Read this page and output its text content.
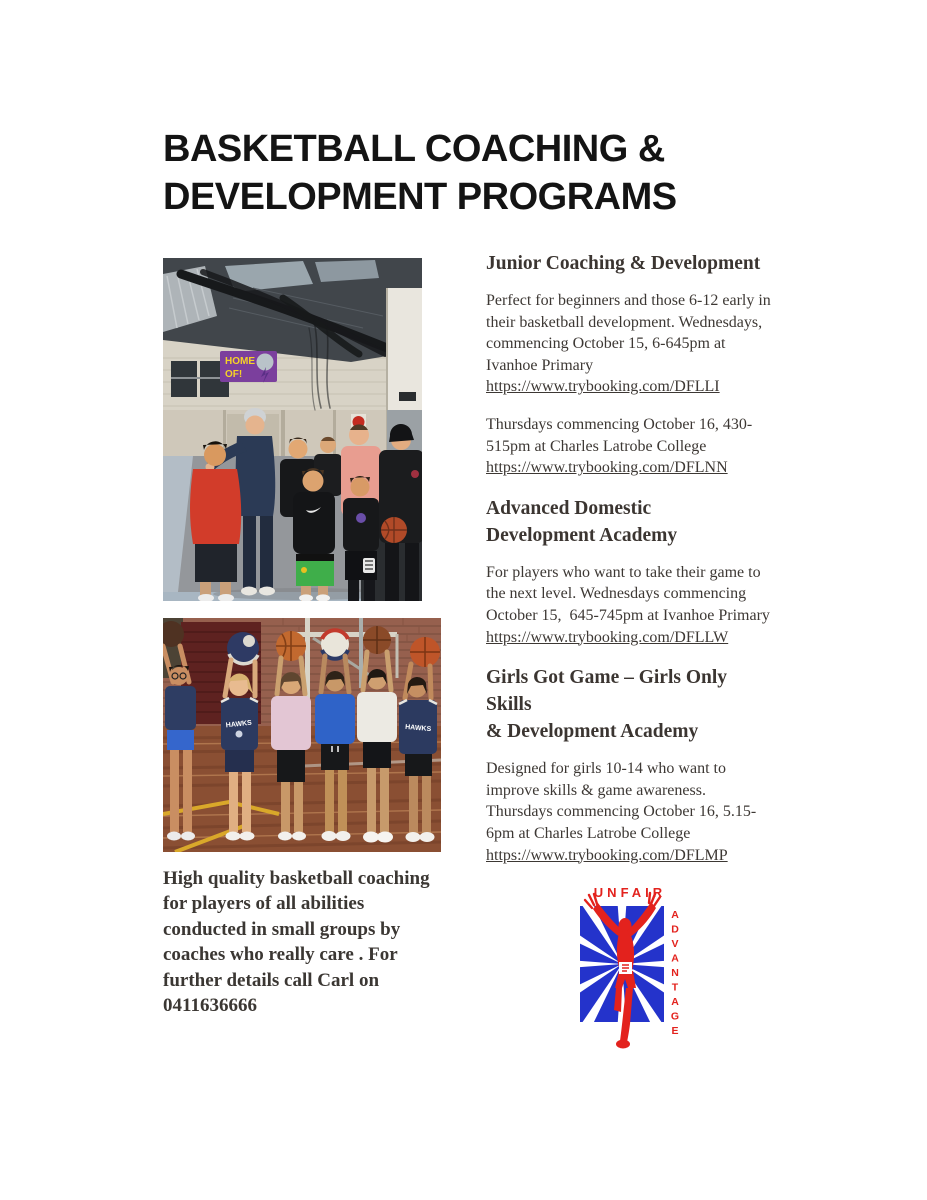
BASKETBALL COACHING &
DEVELOPMENT PROGRAMS
HOME
OF!
HAWKS	HAWKS
High quality basketball coaching
for players of all abilities
conducted in small groups by
coaches who really care . For
further details call Carl on
0411636666
Junior Coaching & Development

Perfect for beginners and those 6-12 early in their basketball development. Wednesdays, commencing October 15, 6-645pm at Ivanhoe Primary
https://www.trybooking.com/DFLLI

Thursdays commencing October 16, 430-515pm at Charles Latrobe College
https://www.trybooking.com/DFLNN

Advanced Domestic
Development Academy

For players who want to take their game to the next level. Wednesdays commencing October 15,  645-745pm at Ivanhoe Primary
https://www.trybooking.com/DFLLW

Girls Got Game – Girls Only Skills
& Development Academy

Designed for girls 10-14 who want to improve skills & game awareness. Thursdays commencing October 16, 5.15-6pm at Charles Latrobe College
https://www.trybooking.com/DFLMP

UNFAIR
ADVANTAGE
